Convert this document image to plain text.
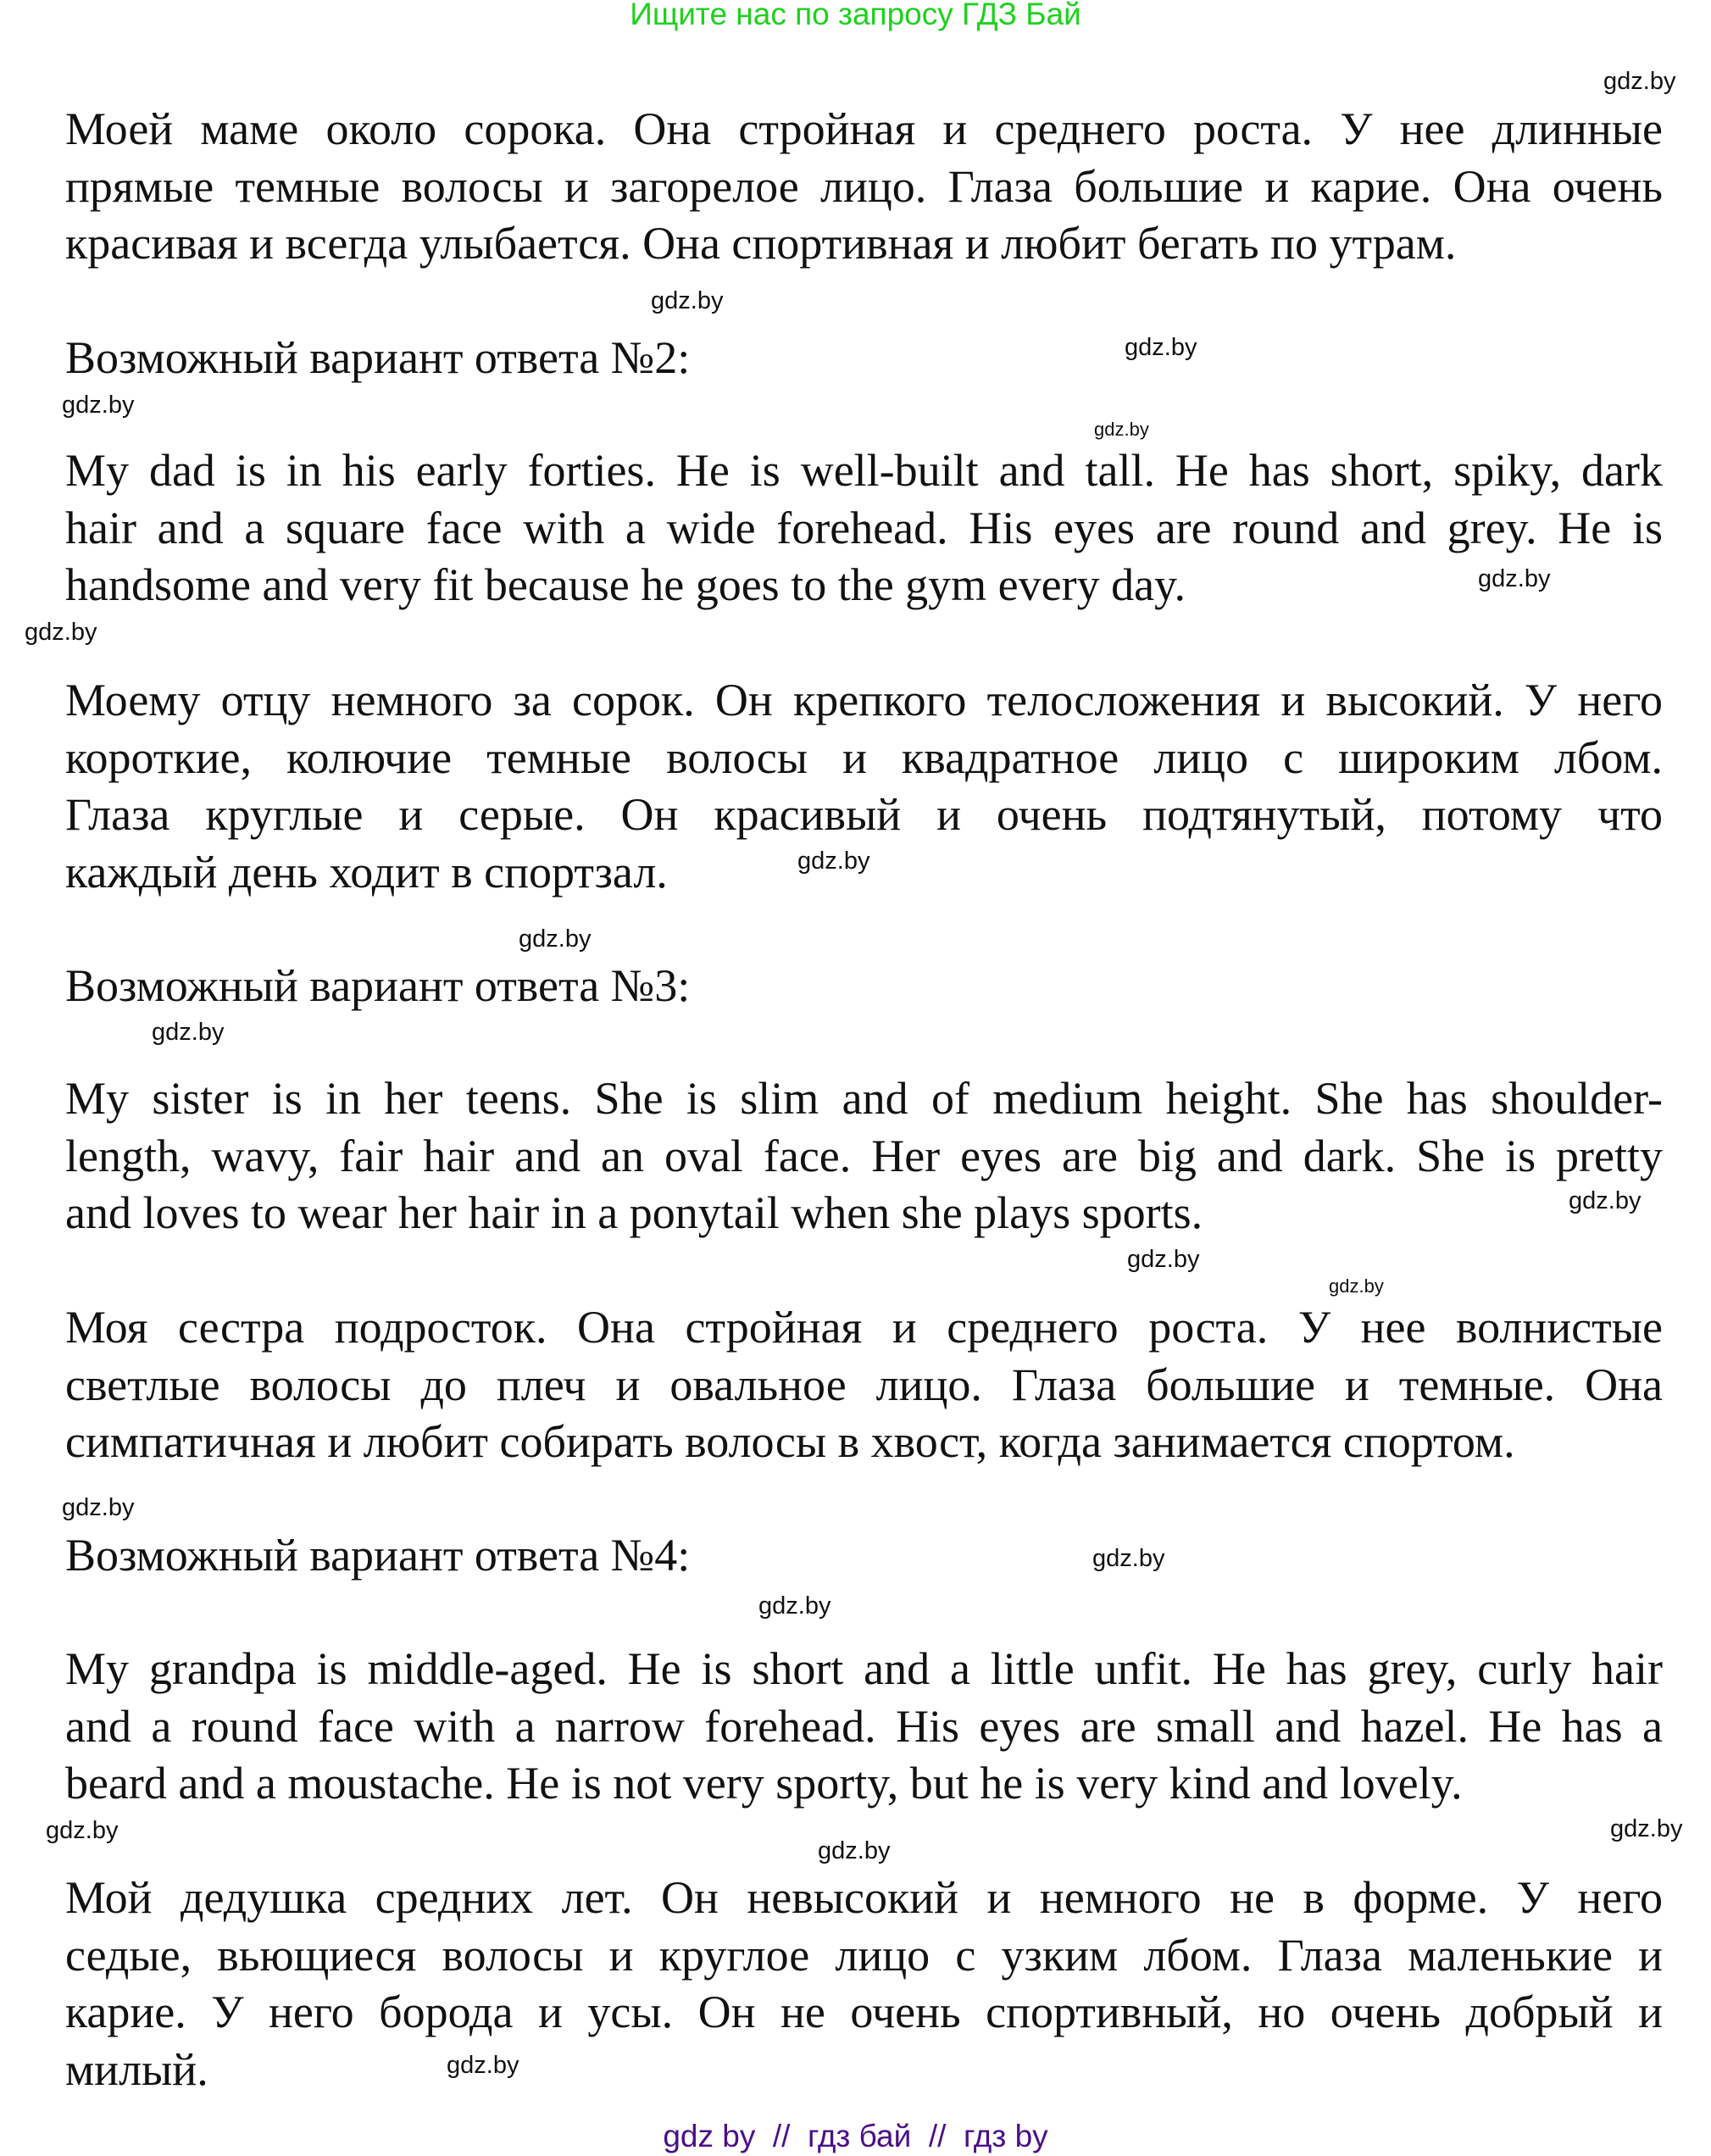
Ищите нас по запросу ГДЗ Бай
Моей маме около сорока. Она стройная и среднего роста. У нее длинные
прямые темные волосы и загорелое лицо. Глаза большие и карие. Она очень
красивая и всегда улыбается. Она спортивная и любит бегать по утрам.
Возможный вариант ответа №2:
My dad is in his early forties. He is well-built and tall. He has short, spiky, dark
hair and a square face with a wide forehead. His eyes are round and grey. He is
handsome and very fit because he goes to the gym every day.
Моему отцу немного за сорок. Он крепкого телосложения и высокий. У него
короткие, колючие темные волосы и квадратное лицо с широким лбом.
Глаза круглые и серые. Он красивый и очень подтянутый, потому что
каждый день ходит в спортзал.
Возможный вариант ответа №3:
My sister is in her teens. She is slim and of medium height. She has shoulder-
length, wavy, fair hair and an oval face. Her eyes are big and dark. She is pretty
and loves to wear her hair in a ponytail when she plays sports.
Моя сестра подросток. Она стройная и среднего роста. У нее волнистые
светлые волосы до плеч и овальное лицо. Глаза большие и темные. Она
симпатичная и любит собирать волосы в хвост, когда занимается спортом.
Возможный вариант ответа №4:
My grandpa is middle-aged. He is short and a little unfit. He has grey, curly hair
and a round face with a narrow forehead. His eyes are small and hazel. He has a
beard and a moustache. He is not very sporty, but he is very kind and lovely.
Мой дедушка средних лет. Он невысокий и немного не в форме. У него
седые, вьющиеся волосы и круглое лицо с узким лбом. Глаза маленькие и
карие. У него борода и усы. Он не очень спортивный, но очень добрый и
милый.
gdz.by
gdz.by
gdz.by
gdz.by
gdz.by
gdz.by
gdz.by
gdz.by
gdz.by
gdz.by
gdz.by
gdz.by
gdz.by
gdz.by
gdz.by
gdz.by
gdz.by
gdz.by
gdz.by
gdz.by
gdz by  //  гдз бай  //  гдз by
